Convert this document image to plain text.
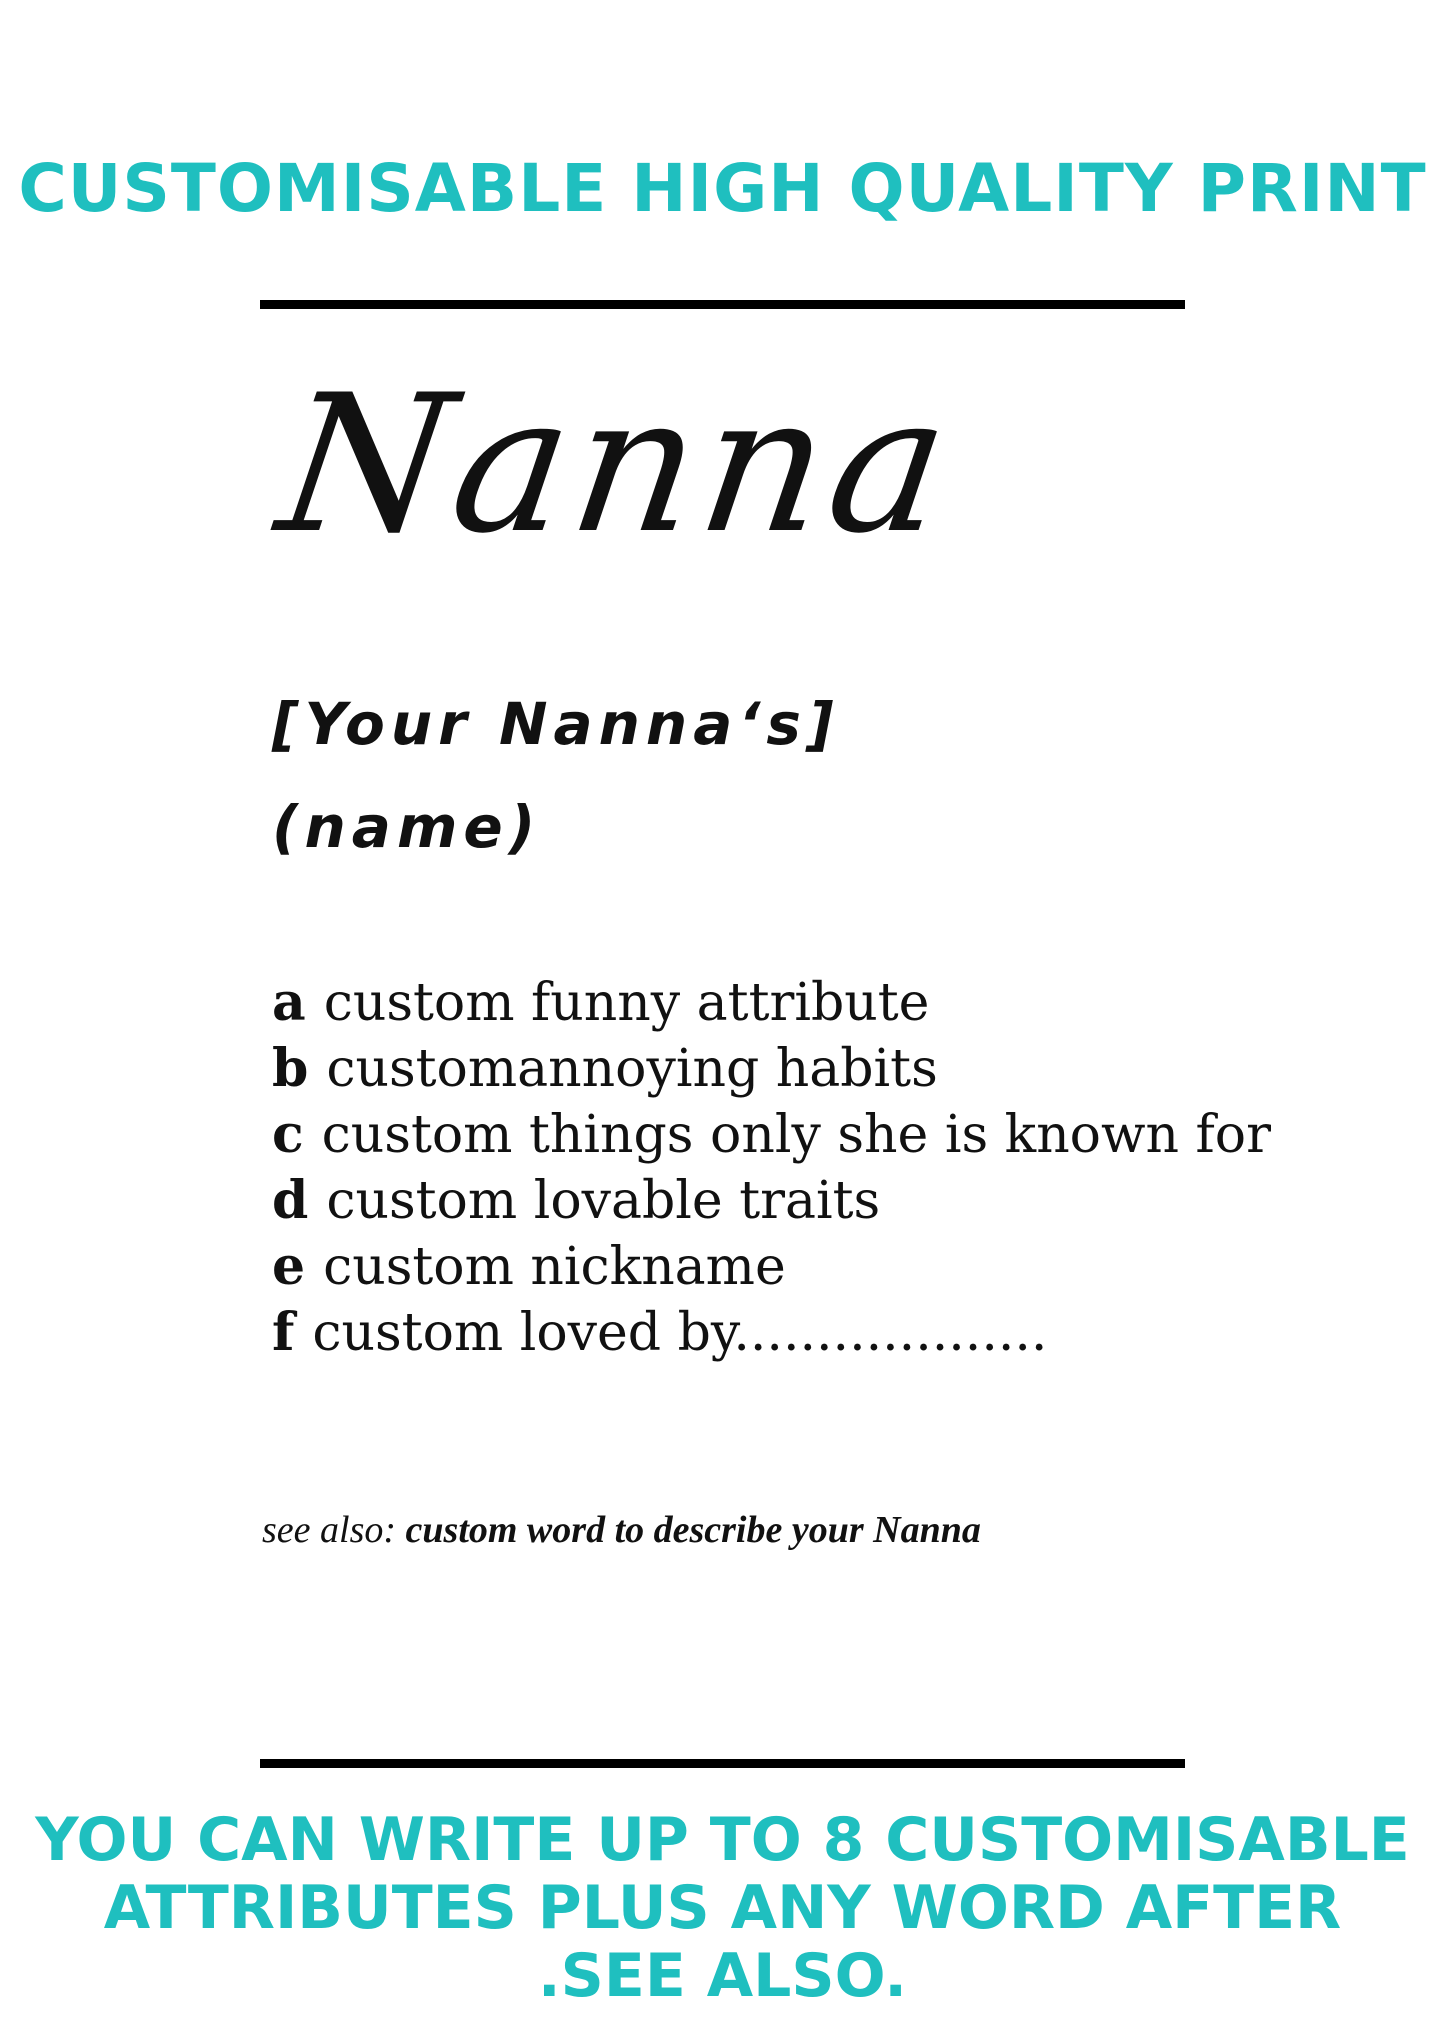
CUSTOMISABLE HIGH QUALITY PRINT
Nanna
[Your Nanna‘s]
(name)
a custom funny attribute
b customannoying habits
c custom things only she is known for
d custom lovable traits
e custom nickname
f custom loved by...................
see also: custom word to describe your Nanna
YOU CAN WRITE UP TO 8 CUSTOMISABLE
ATTRIBUTES PLUS ANY WORD AFTER
.SEE ALSO.
